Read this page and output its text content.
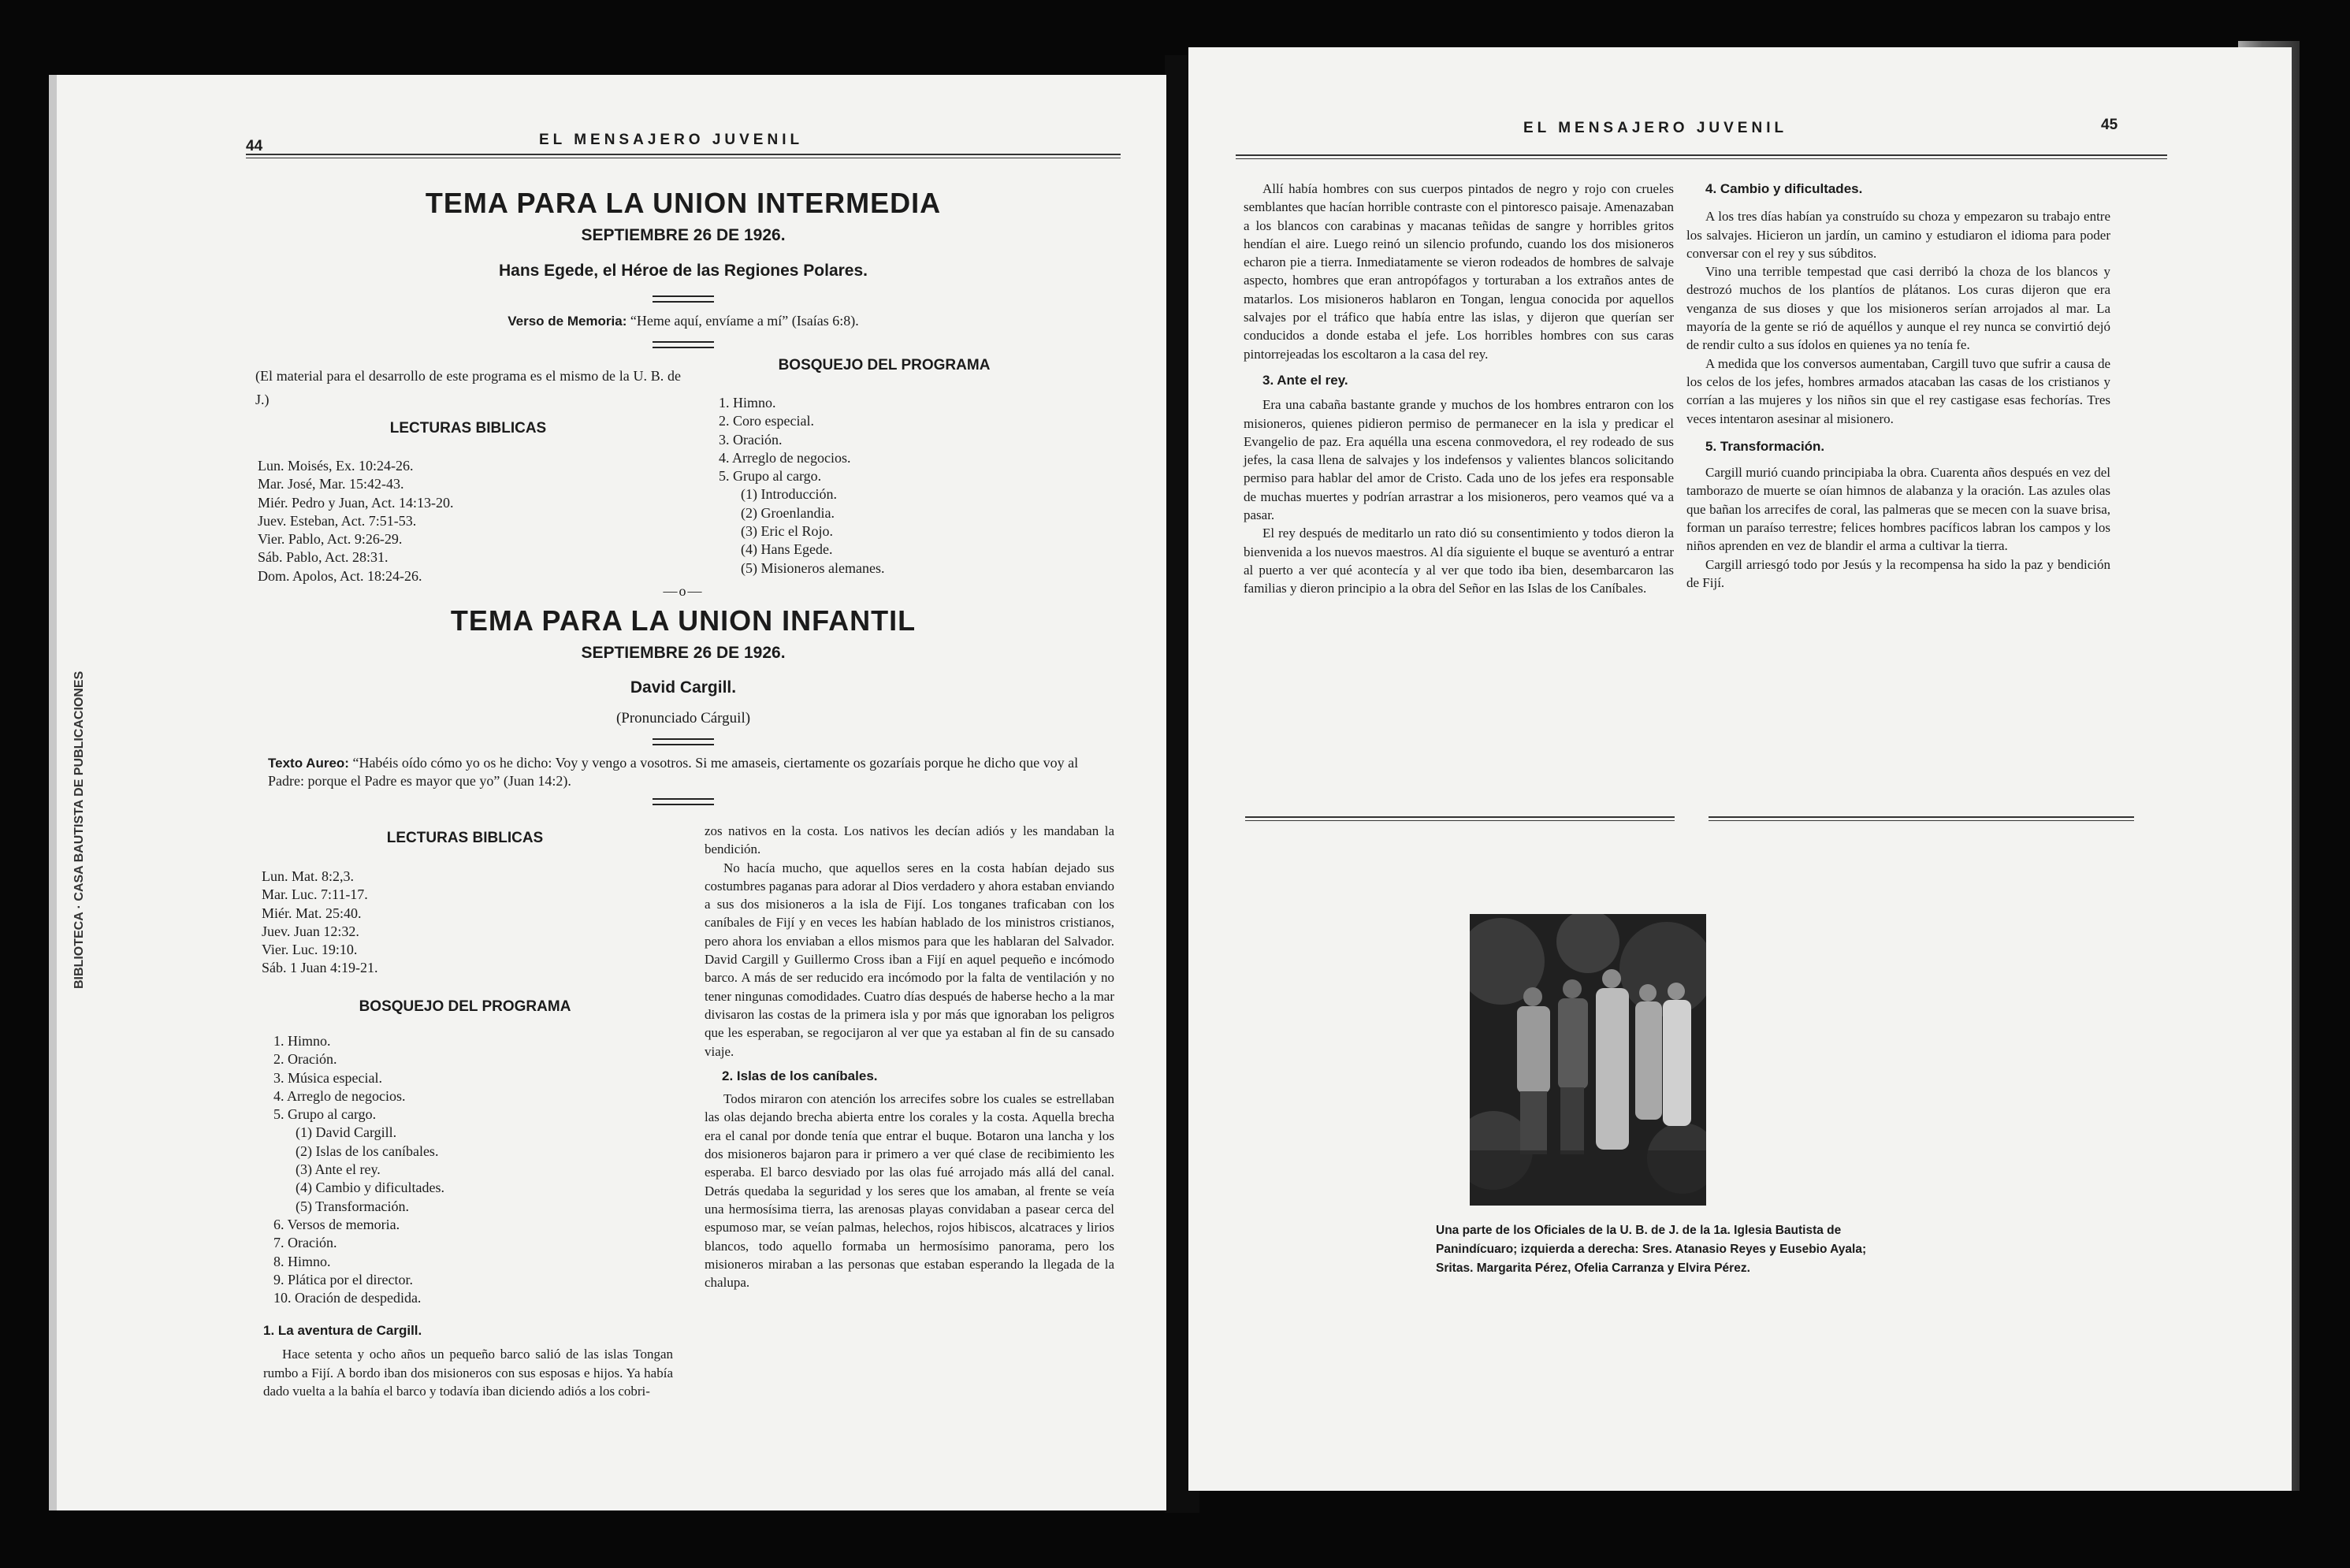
44	EL MENSAJERO JUVENIL
BIBLIOTECA · CASA BAUTISTA DE PUBLICACIONES
TEMA PARA LA UNION INTERMEDIA
SEPTIEMBRE 26 DE 1926.
Hans Egede, el Héroe de las Regiones Polares.
Verso de Memoria: “Heme aquí, envíame a mí” (Isaías 6:8).
(El material para el desarrollo de este programa es el mismo de la U. B. de J.)
LECTURAS BIBLICAS
Lun. Moisés, Ex. 10:24-26.
Mar. José, Mar. 15:42-43.
Miér. Pedro y Juan, Act. 14:13-20.
Juev. Esteban, Act. 7:51-53.
Vier. Pablo, Act. 9:26-29.
Sáb. Pablo, Act. 28:31.
Dom. Apolos, Act. 18:24-26.
BOSQUEJO DEL PROGRAMA
1. Himno.
2. Coro especial.
3. Oración.
4. Arreglo de negocios.
5. Grupo al cargo.
(1) Introducción.
(2) Groenlandia.
(3) Eric el Rojo.
(4) Hans Egede.
(5) Misioneros alemanes.
—o—
TEMA PARA LA UNION INFANTIL
SEPTIEMBRE 26 DE 1926.
David Cargill.
(Pronunciado Cárguil)
Texto Aureo: “Habéis oído cómo yo os he dicho: Voy y vengo a vosotros. Si me amaseis, ciertamente os gozaríais porque he dicho que voy al Padre: porque el Padre es mayor que yo” (Juan 14:2).
LECTURAS BIBLICAS
Lun. Mat. 8:2,3.
Mar. Luc. 7:11-17.
Miér. Mat. 25:40.
Juev. Juan 12:32.
Vier. Luc. 19:10.
Sáb. 1 Juan 4:19-21.
BOSQUEJO DEL PROGRAMA
1. Himno.
2. Oración.
3. Música especial.
4. Arreglo de negocios.
5. Grupo al cargo.
(1) David Cargill.
(2) Islas de los caníbales.
(3) Ante el rey.
(4) Cambio y dificultades.
(5) Transformación.
6. Versos de memoria.
7. Oración.
8. Himno.
9. Plática por el director.
10. Oración de despedida.
1. La aventura de Cargill.

Hace setenta y ocho años un pequeño barco salió de las islas Tongan rumbo a Fijí. A bordo iban dos misioneros con sus esposas e hijos. Ya había dado vuelta a la bahía el barco y todavía iban diciendo adiós a los cobri-

zos nativos en la costa. Los nativos les decían adiós y les mandaban la bendición.

No hacía mucho, que aquellos seres en la costa habían dejado sus costumbres paganas para adorar al Dios verdadero y ahora estaban enviando a sus dos misioneros a la isla de Fijí. Los tonganes traficaban con los caníbales de Fijí y en veces les habían hablado de los ministros cristianos, pero ahora los enviaban a ellos mismos para que les hablaran del Salvador. David Cargill y Guillermo Cross iban a Fijí en aquel pequeño e incómodo barco. A más de ser reducido era incómodo por la falta de ventilación y no tener ningunas comodidades. Cuatro días después de haberse hecho a la mar divisaron las costas de la primera isla y por más que ignoraban los peligros que les esperaban, se regocijaron al ver que ya estaban al fin de su cansado viaje.

2. Islas de los caníbales.

Todos miraron con atención los arrecifes sobre los cuales se estrellaban las olas dejando brecha abierta entre los corales y la costa. Aquella brecha era el canal por donde tenía que entrar el buque. Botaron una lancha y los dos misioneros bajaron para ir primero a ver qué clase de recibimiento les esperaba. El barco desviado por las olas fué arrojado más allá del canal. Detrás quedaba la seguridad y los seres que los amaban, al frente se veía una hermosísima tierra, las arenosas playas convidaban a pasear cerca del espumoso mar, se veían palmas, helechos, rojos hibiscos, alcatraces y lirios blancos, todo aquello formaba un hermosísimo panorama, pero los misioneros miraban a las personas que estaban esperando la llegada de la chalupa.

EL MENSAJERO JUVENIL	45

Allí había hombres con sus cuerpos pintados de negro y rojo con crueles semblantes que hacían horrible contraste con el pintoresco paisaje. Amenazaban a los blancos con carabinas y macanas teñidas de sangre y horribles gritos hendían el aire. Luego reinó un silencio profundo, cuando los dos misioneros echaron pie a tierra. Inmediatamente se vieron rodeados de hombres de salvaje aspecto, hombres que eran antropófagos y torturaban a los extraños antes de matarlos. Los misioneros hablaron en Tongan, lengua conocida por aquellos salvajes por el tráfico que había entre las islas, y dijeron que querían ser conducidos a donde estaba el jefe. Los horribles hombres con sus caras pintorrejeadas los escoltaron a la casa del rey.

3. Ante el rey.

Era una cabaña bastante grande y muchos de los hombres entraron con los misioneros, quienes pidieron permiso de permanecer en la isla y predicar el Evangelio de paz. Era aquélla una escena conmovedora, el rey rodeado de sus jefes, la casa llena de salvajes y los indefensos y valientes blancos solicitando permiso para hablar del amor de Cristo. Cada uno de los jefes era responsable de muchas muertes y podrían arrastrar a los misioneros, pero veamos qué va a pasar.

El rey después de meditarlo un rato dió su consentimiento y todos dieron la bienvenida a los nuevos maestros. Al día siguiente el buque se aventuró a entrar al puerto a ver qué acontecía y al ver que todo iba bien, desembarcaron las familias y dieron principio a la obra del Señor en las Islas de los Caníbales.

4. Cambio y dificultades.

A los tres días habían ya construído su choza y empezaron su trabajo entre los salvajes. Hicieron un jardín, un camino y estudiaron el idioma para poder conversar con el rey y sus súbditos.

Vino una terrible tempestad que casi derribó la choza de los blancos y destrozó muchos de los plantíos de plátanos. Los curas dijeron que era venganza de sus dioses y que los misioneros serían arrojados al mar. La mayoría de la gente se rió de aquéllos y aunque el rey nunca se convirtió dejó de rendir culto a sus ídolos en quienes ya no tenía fe.

A medida que los conversos aumentaban, Cargill tuvo que sufrir a causa de los celos de los jefes, hombres armados atacaban las casas de los cristianos y corrían a las mujeres y los niños sin que el rey castigase esas fechorías. Tres veces intentaron asesinar al misionero.

5. Transformación.

Cargill murió cuando principiaba la obra. Cuarenta años después en vez del tamborazo de muerte se oían himnos de alabanza y la oración. Las azules olas que bañan los arrecifes de coral, las palmeras que se mecen con la suave brisa, forman un paraíso terrestre; felices hombres pacíficos labran los campos y los niños aprenden en vez de blandir el arma a cultivar la tierra.

Cargill arriesgó todo por Jesús y la recompensa ha sido la paz y bendición de Fijí.

Una parte de los Oficiales de la U. B. de J. de la 1a. Iglesia Bautista de Panindícuaro; izquierda a derecha: Sres. Atanasio Reyes y Eusebio Ayala; Sritas. Margarita Pérez, Ofelia Carranza y Elvira Pérez.
